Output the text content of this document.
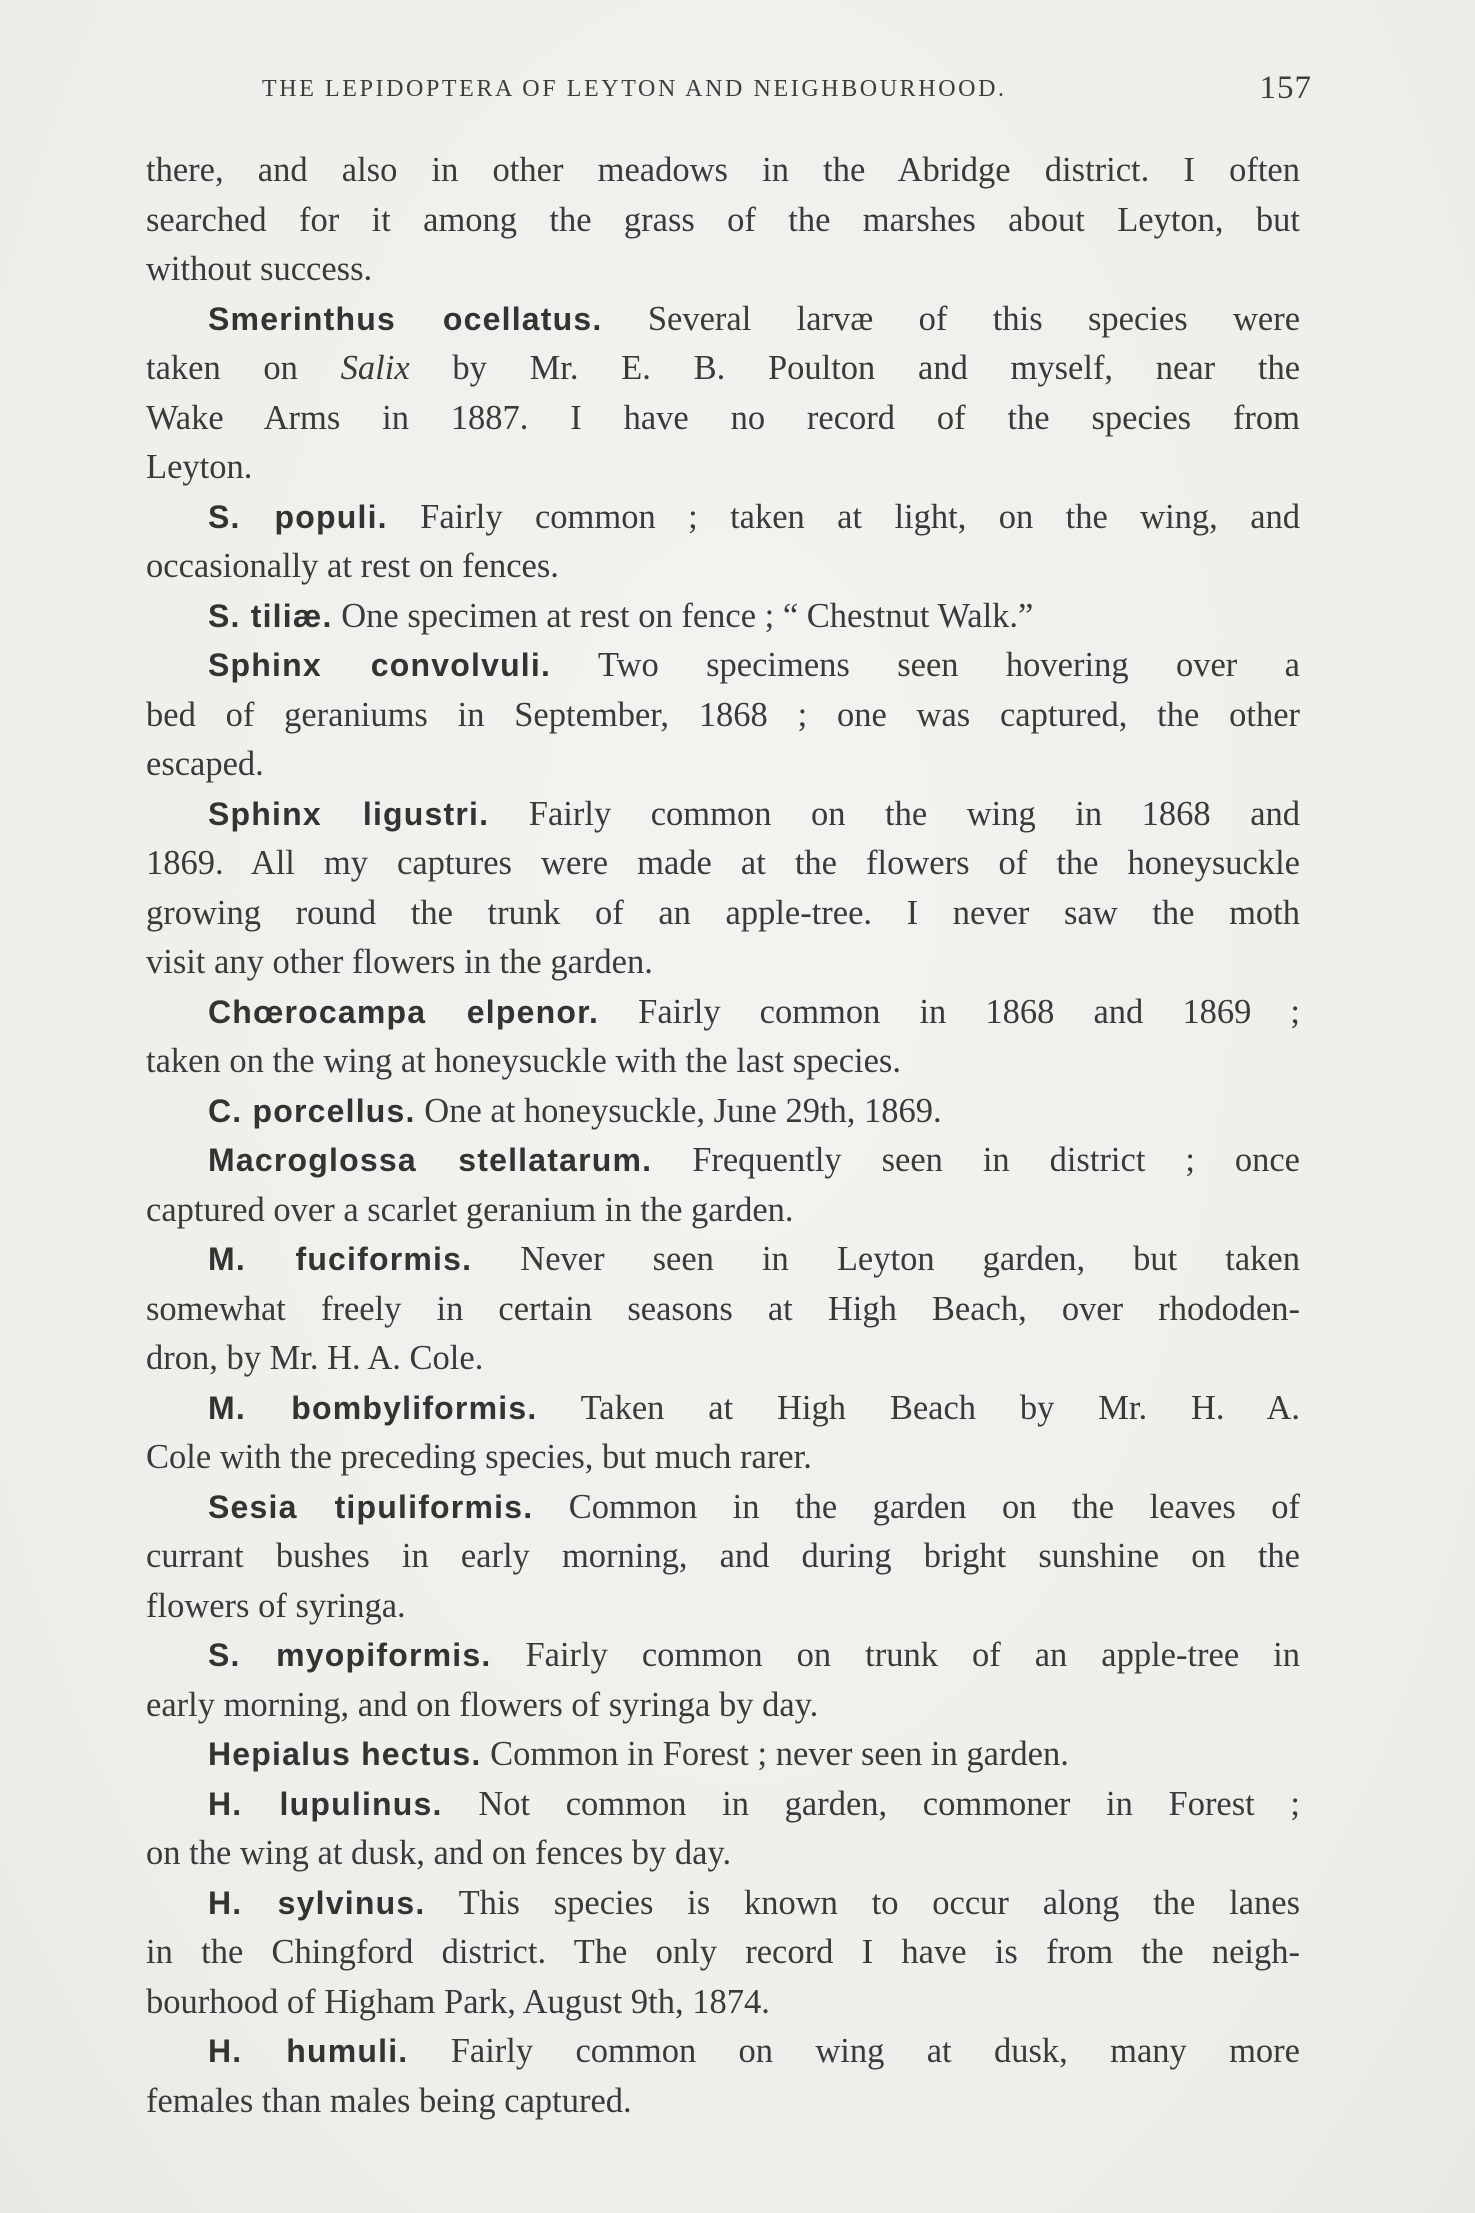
THE LEPIDOPTERA OF LEYTON AND NEIGHBOURHOOD.	157
there, and also in other meadows in the Abridge district. I often
searched for it among the grass of the marshes about Leyton, but
without success.
Smerinthus ocellatus. Several larvæ of this species were
taken on Salix by Mr. E. B. Poulton and myself, near the
Wake Arms in 1887. I have no record of the species from
Leyton.
S. populi. Fairly common ; taken at light, on the wing, and
occasionally at rest on fences.
S. tiliæ. One specimen at rest on fence ; “ Chestnut Walk.”
Sphinx convolvuli. Two specimens seen hovering over a
bed of geraniums in September, 1868 ; one was captured, the other
escaped.
Sphinx ligustri. Fairly common on the wing in 1868 and
1869. All my captures were made at the flowers of the honeysuckle
growing round the trunk of an apple-tree. I never saw the moth
visit any other flowers in the garden.
Chœrocampa elpenor. Fairly common in 1868 and 1869 ;
taken on the wing at honeysuckle with the last species.
C. porcellus. One at honeysuckle, June 29th, 1869.
Macroglossa stellatarum. Frequently seen in district ; once
captured over a scarlet geranium in the garden.
M. fuciformis. Never seen in Leyton garden, but taken
somewhat freely in certain seasons at High Beach, over rhododen-
dron, by Mr. H. A. Cole.
M. bombyliformis. Taken at High Beach by Mr. H. A.
Cole with the preceding species, but much rarer.
Sesia tipuliformis. Common in the garden on the leaves of
currant bushes in early morning, and during bright sunshine on the
flowers of syringa.
S. myopiformis. Fairly common on trunk of an apple-tree in
early morning, and on flowers of syringa by day.
Hepialus hectus. Common in Forest ; never seen in garden.
H. lupulinus. Not common in garden, commoner in Forest ;
on the wing at dusk, and on fences by day.
H. sylvinus. This species is known to occur along the lanes
in the Chingford district. The only record I have is from the neigh-
bourhood of Higham Park, August 9th, 1874.
H. humuli. Fairly common on wing at dusk, many more
females than males being captured.
